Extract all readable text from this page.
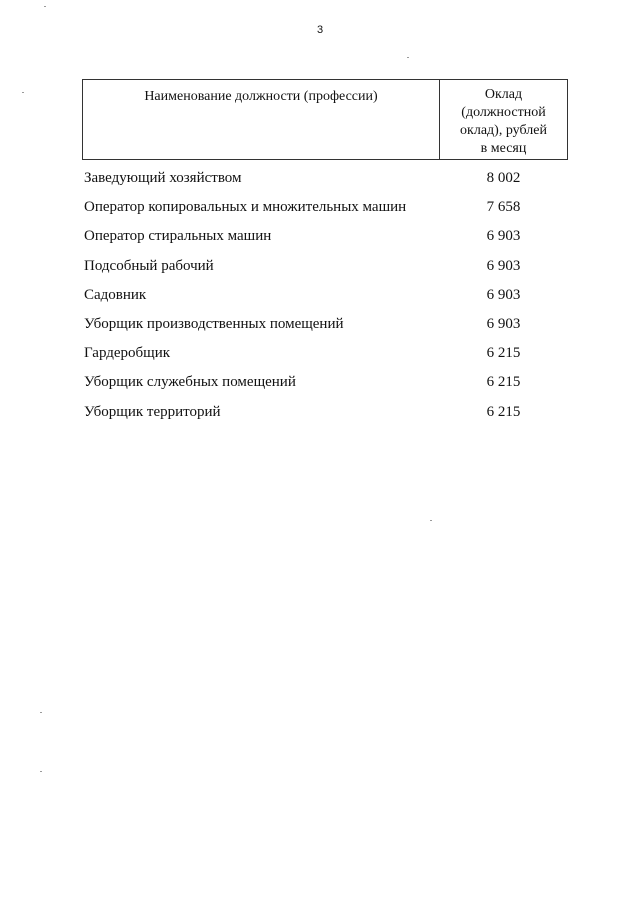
3
Наименование должности (профессии)	Оклад
(должностной
оклад), рублей
в месяц
Заведующий хозяйством	8 002
Оператор копировальных и множительных машин	7 658
Оператор стиральных машин	6 903
Подсобный рабочий	6 903
Садовник	6 903
Уборщик производственных помещений	6 903
Гардеробщик	6 215
Уборщик служебных помещений	6 215
Уборщик территорий	6 215
